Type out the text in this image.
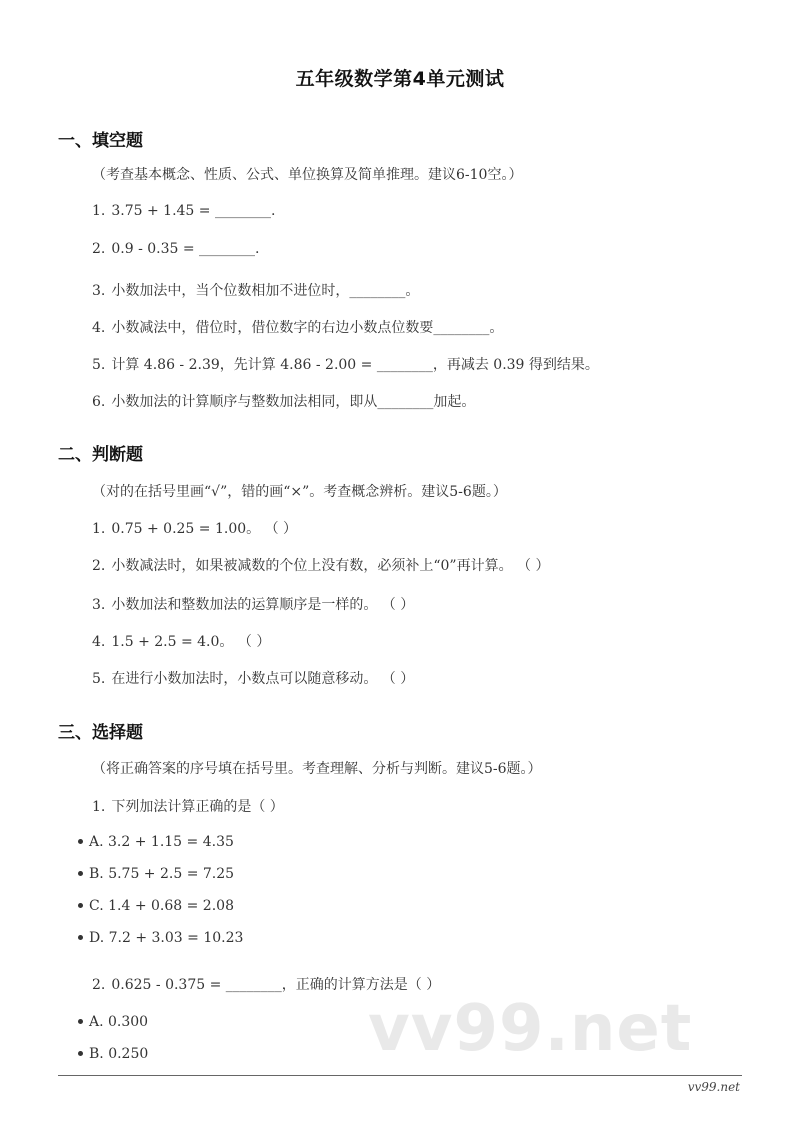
五年级数学第4单元测试
一、填空题
（考查基本概念、性质、公式、单位换算及简单推理。建议6-10空。）
1. 3.75 + 1.45 = ________.
2. 0.9 - 0.35 = ________.
3. 小数加法中，当个位数相加不进位时，________。
4. 小数减法中，借位时，借位数字的右边小数点位数要________。
5. 计算 4.86 - 2.39，先计算 4.86 - 2.00 = ________，再减去 0.39 得到结果。
6. 小数加法的计算顺序与整数加法相同，即从________加起。
二、判断题
（对的在括号里画“√”，错的画“×”。考查概念辨析。建议5-6题。）
1. 0.75 + 0.25 = 1.00。 （ ）
2. 小数减法时，如果被减数的个位上没有数，必须补上“0”再计算。 （ ）
3. 小数加法和整数加法的运算顺序是一样的。 （ ）
4. 1.5 + 2.5 = 4.0。 （ ）
5. 在进行小数加法时，小数点可以随意移动。 （ ）
三、选择题
（将正确答案的序号填在括号里。考查理解、分析与判断。建议5-6题。）
1. 下列加法计算正确的是（ ）
A. 3.2 + 1.15 = 4.35
B. 5.75 + 2.5 = 7.25
C. 1.4 + 0.68 = 2.08
D. 7.2 + 3.03 = 10.23
2. 0.625 - 0.375 = ________，正确的计算方法是（ ）
vv99.net
A. 0.300
B. 0.250
vv99.net
